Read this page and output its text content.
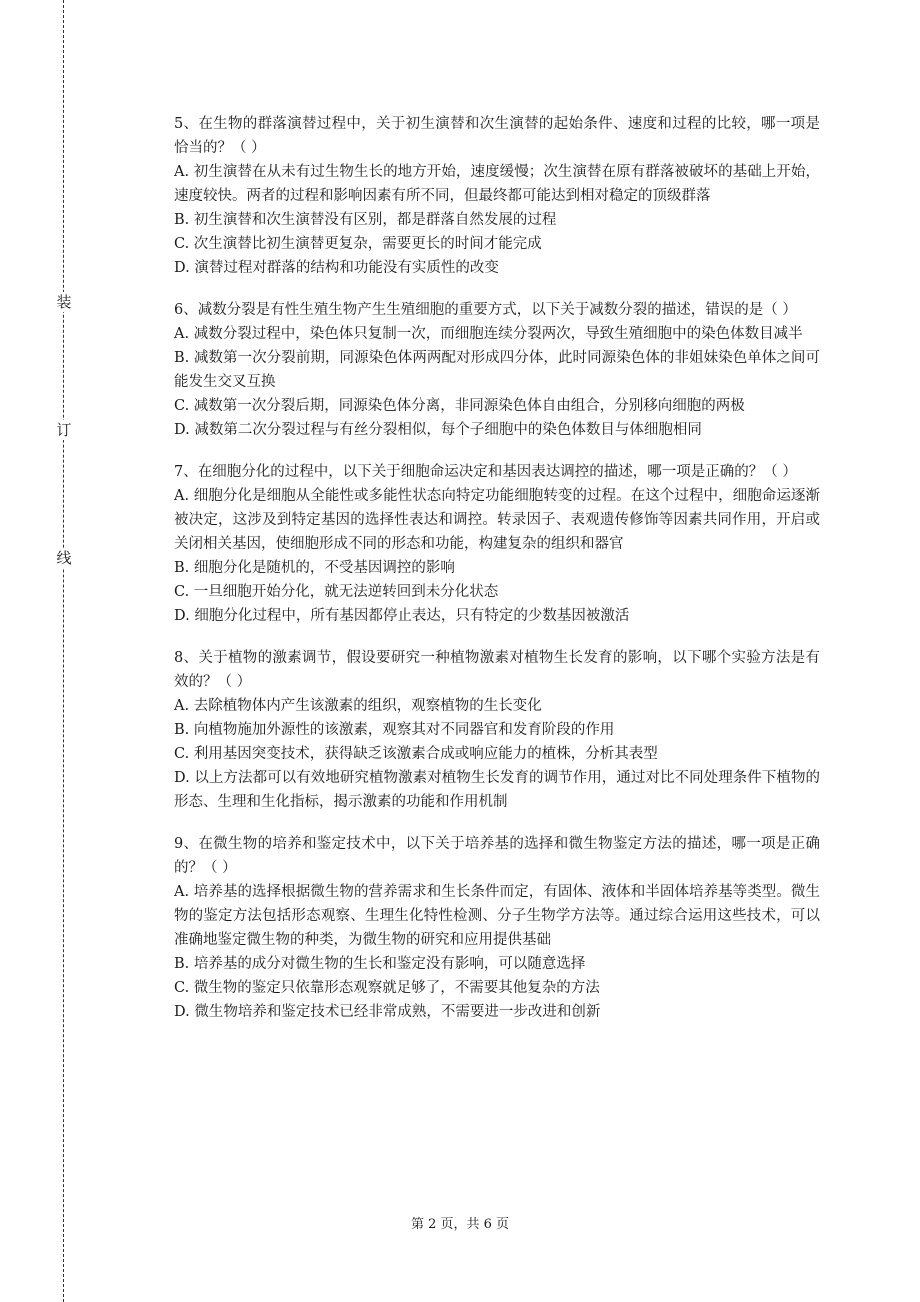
装
订
线

5、在生物的群落演替过程中，关于初生演替和次生演替的起始条件、速度和过程的比较，哪一项是恰当的？（ ）

A. 初生演替在从未有过生物生长的地方开始，速度缓慢；次生演替在原有群落被破坏的基础上开始，速度较快。两者的过程和影响因素有所不同，但最终都可能达到相对稳定的顶级群落

B. 初生演替和次生演替没有区别，都是群落自然发展的过程

C. 次生演替比初生演替更复杂，需要更长的时间才能完成

D. 演替过程对群落的结构和功能没有实质性的改变

6、减数分裂是有性生殖生物产生生殖细胞的重要方式，以下关于减数分裂的描述，错误的是（ ）

A. 减数分裂过程中，染色体只复制一次，而细胞连续分裂两次，导致生殖细胞中的染色体数目减半

B. 减数第一次分裂前期，同源染色体两两配对形成四分体，此时同源染色体的非姐妹染色单体之间可能发生交叉互换

C. 减数第一次分裂后期，同源染色体分离，非同源染色体自由组合，分别移向细胞的两极

D. 减数第二次分裂过程与有丝分裂相似，每个子细胞中的染色体数目与体细胞相同

7、在细胞分化的过程中，以下关于细胞命运决定和基因表达调控的描述，哪一项是正确的？（ ）

A. 细胞分化是细胞从全能性或多能性状态向特定功能细胞转变的过程。在这个过程中，细胞命运逐渐被决定，这涉及到特定基因的选择性表达和调控。转录因子、表观遗传修饰等因素共同作用，开启或关闭相关基因，使细胞形成不同的形态和功能，构建复杂的组织和器官

B. 细胞分化是随机的，不受基因调控的影响

C. 一旦细胞开始分化，就无法逆转回到未分化状态

D. 细胞分化过程中，所有基因都停止表达，只有特定的少数基因被激活

8、关于植物的激素调节，假设要研究一种植物激素对植物生长发育的影响，以下哪个实验方法是有效的？（ ）

A. 去除植物体内产生该激素的组织，观察植物的生长变化

B. 向植物施加外源性的该激素，观察其对不同器官和发育阶段的作用

C. 利用基因突变技术，获得缺乏该激素合成或响应能力的植株，分析其表型

D. 以上方法都可以有效地研究植物激素对植物生长发育的调节作用，通过对比不同处理条件下植物的形态、生理和生化指标，揭示激素的功能和作用机制

9、在微生物的培养和鉴定技术中，以下关于培养基的选择和微生物鉴定方法的描述，哪一项是正确的？（ ）

A. 培养基的选择根据微生物的营养需求和生长条件而定，有固体、液体和半固体培养基等类型。微生物的鉴定方法包括形态观察、生理生化特性检测、分子生物学方法等。通过综合运用这些技术，可以准确地鉴定微生物的种类，为微生物的研究和应用提供基础

B. 培养基的成分对微生物的生长和鉴定没有影响，可以随意选择

C. 微生物的鉴定只依靠形态观察就足够了，不需要其他复杂的方法

D. 微生物培养和鉴定技术已经非常成熟，不需要进一步改进和创新

第 2 页，共 6 页
